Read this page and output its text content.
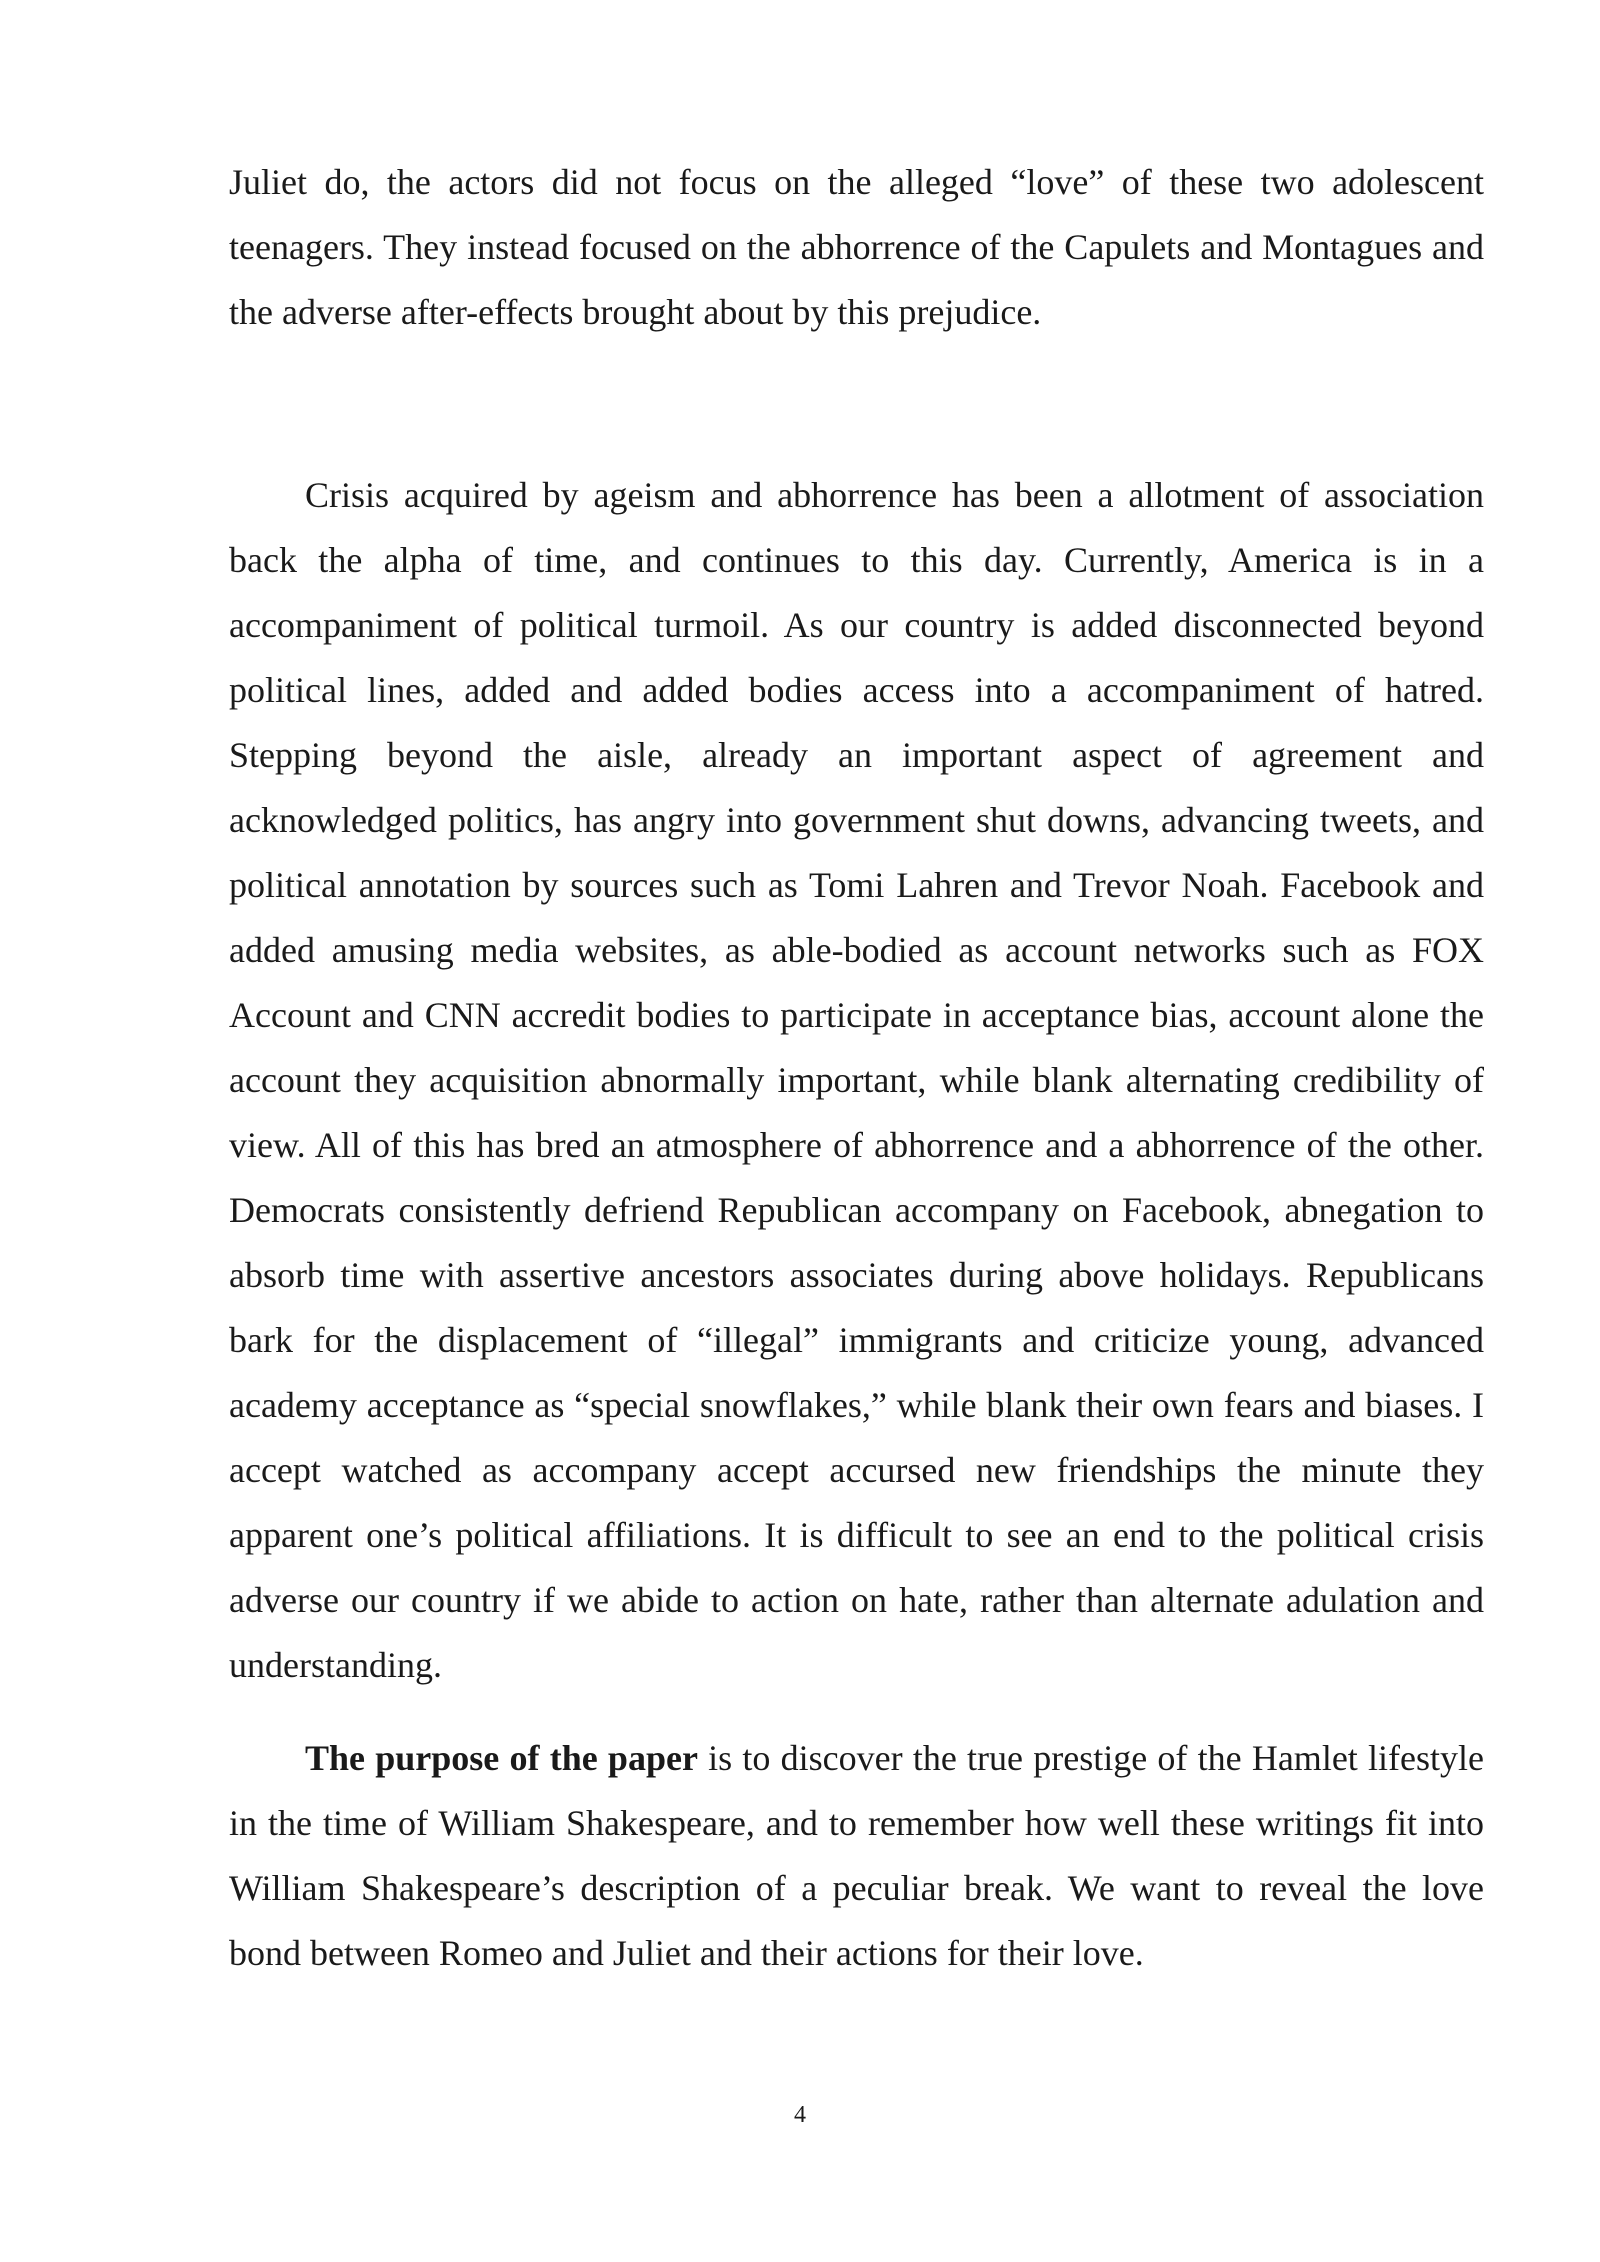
Juliet do, the actors did not focus on the alleged “love” of these two adolescent teenagers. They instead focused on the abhorrence of the Capulets and Montagues and the adverse after-effects brought about by this prejudice.

Crisis acquired by ageism and abhorrence has been a allotment of association back the alpha of time, and continues to this day. Currently, America is in a accompaniment of political turmoil. As our country is added disconnected beyond political lines, added and added bodies access into a accompaniment of hatred. Stepping beyond the aisle, already an important aspect of agreement and acknowledged politics, has angry into government shut downs, advancing tweets, and political annotation by sources such as Tomi Lahren and Trevor Noah. Facebook and added amusing media websites, as able-bodied as account networks such as FOX Account and CNN accredit bodies to participate in acceptance bias, account alone the account they acquisition abnormally important, while blank alternating credibility of view. All of this has bred an atmosphere of abhorrence and a abhorrence of the other. Democrats consistently defriend Republican accompany on Facebook, abnegation to absorb time with assertive ancestors associates during above holidays. Republicans bark for the displacement of “illegal” immigrants and criticize young, advanced academy acceptance as “special snowflakes,” while blank their own fears and biases. I accept watched as accompany accept accursed new friendships the minute they apparent one’s political affiliations. It is difficult to see an end to the political crisis adverse our country if we abide to action on hate, rather than alternate adulation and understanding.

The purpose of the paper is to discover the true prestige of the Hamlet lifestyle in the time of William Shakespeare, and to remember how well these writings fit into William Shakespeare’s description of a peculiar break. We want to reveal the love bond between Romeo and Juliet and their actions for their love.

4
